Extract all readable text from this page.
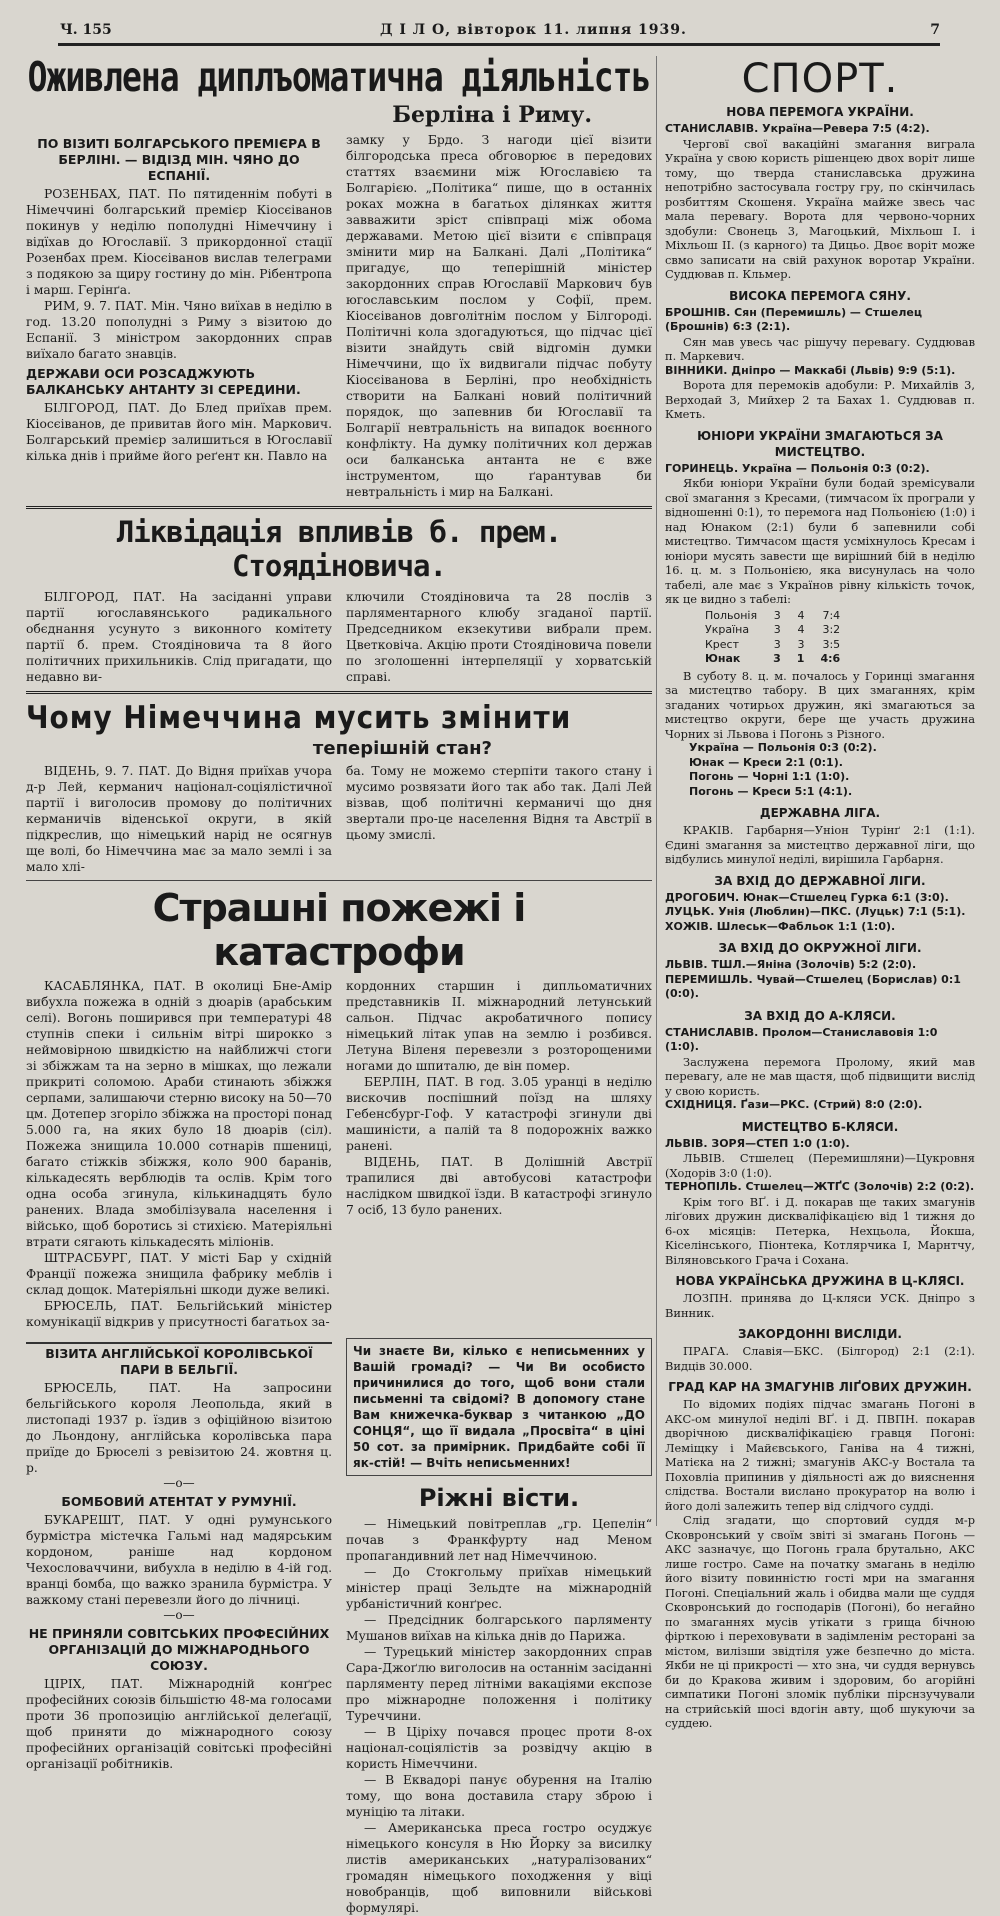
Ч. 155	Д І Л О, вівторок 11. липня 1939.	7
Оживлена диплъоматична діяльність
Берліна і Риму.
ПО ВІЗИТІ БОЛГАРСЬКОГО ПРЕМІЄРА В БЕРЛІНІ. — ВІДІЗД МІН. ЧЯНО ДО ЕСПАНІЇ.

РОЗЕНБАХ, ПАТ. По пятиденнім побуті в Німеччині болгарський премієр Кіосєіванов покинув у неділю пополудні Німеччину і відїхав до Югославії. З прикордонної стації Розенбах прем. Кіосєіванов вислав телеграми з подякою за щиру гостину до мін. Рібентропа і марш. Герінґа.

РИМ, 9. 7. ПАТ. Мін. Чяно виїхав в неділю в год. 13.20 пополудні з Риму з візитою до Еспанії. З міністром закордонних справ виїхало багато знавців.

ДЕРЖАВИ ОСИ РОЗСАДЖУЮТЬ БАЛКАНСЬКУ АНТАНТУ ЗІ СЕРЕДИНИ.

БІЛГОРОД, ПАТ. До Блед приїхав прем. Кіосєіванов, де привитав його мін. Маркович. Болгарський премієр залишиться в Югославії кілька днів і прийме його реґент кн. Павло на

замку у Брдо. З нагоди цієї візити білгородська преса обговорює в передових статтях взаємини між Югославією та Болгарією. „Політика“ пише, що в останніх роках можна в багатьох ділянках життя завважити зріст співпраці між обома державами. Метою цієї візити є співпраця змінити мир на Балкані. Далі „Політика“ пригадує, що теперішній міністер закордонних справ Югославії Маркович був югославським послом у Софії, прем. Кіосєіванов довголітнім послом у Білгороді. Політичні кола здогадуються, що підчас цієї візити знайдуть свій відгомін думки Німеччини, що їх видвигали підчас побуту Кіосєіванова в Берліні, про необхідність створити на Балкані новий політичний порядок, що запевнив би Югославії та Болгарії невтральність на випадок воєнного конфлікту. На думку політичних кол держав оси балканська антанта не є вже інструментом, що ґарантував би невтральність і мир на Балкані.

Ліквідація впливів б. прем. Стоядіновича.

БІЛГОРОД, ПАТ. На засіданні управи партії югославянського радикального обєднання усунуто з виконного комітету партії б. прем. Стоядіновича та 8 його політичних прихильників. Слід пригадати, що недавно ви-

ключили Стоядіновича та 28 послів з парляментарного клюбу згаданої партії. Председником екзекутиви вибрали прем. Цветковіча. Акцію проти Стоядіновича повели по зголошенні інтерпеляції у хорватській справі.

Чому Німеччина мусить змінити
теперішній стан?

ВІДЕНЬ, 9. 7. ПАТ. До Відня приїхав учора д-р Лей, керманич націонал-соціялістичної партії і виголосив промову до політичних керманичів віденської округи, в якій підкреслив, що німецький нарід не осягнув ще волі, бо Німеччина має за мало землі і за мало хлі-

ба. Тому не можемо стерпіти такого стану і мусимо розвязати його так або так. Далі Лей візвав, щоб політичні керманичі що дня звертали про-це населення Відня та Австрії в цьому змислі.

Страшні пожежі і катастрофи

КАСАБЛЯНКА, ПАТ. В околиці Бне-Амір вибухла пожежа в одній з дюарів (арабським селі). Вогонь поширився при температурі 48 ступнів спеки і сильнім вітрі широкко з неймовірною швидкістю на найближчі стоги зі збіжжам та на зерно в мішках, що лежали прикриті соломою. Араби стинають збіжжя серпами, залишаючи стерню високу на 50—70 цм. Дотепер згоріло збіжжа на просторі понад 5.000 га, на яких було 18 дюарів (сіл). Пожежа знищила 10.000 сотнарів пшениці, багато стіжків збіжжя, коло 900 баранів, кількадесять верблюдів та ослів. Крім того одна особа згинула, кількинадцять було ранених. Влада змобілізувала населення і військо, щоб боротись зі стихією. Матеріяльні втрати сягають кількадесять міліонів.

ШТРАСБУРГ, ПАТ. У місті Бар у східній Франції пожежа знищила фабрику меблів і склад дощок. Матеріяльні шкоди дуже великі.

БРЮСЕЛЬ, ПАТ. Бельгійський міністер комунікації відкрив у присутності багатьох за-

кордонних старшин і дипльоматичних представників II. міжнародний летунський сальон. Підчас акробатичного попису німецький літак упав на землю і розбився. Летуна Віленя перевезли з розторощеними ногами до шпиталю, де він помер.

БЕРЛІН, ПАТ. В год. 3.05 уранці в неділю вискочив поспішний поїзд на шляху Гебенсбург-Гоф. У катастрофі згинули дві машиністи, а палій та 8 подорожніх важко ранені.

ВІДЕНЬ, ПАТ. В Долішній Австрії трапилися дві автобусові катастрофи наслідком швидкої їзди. В катастрофі згинуло 7 осіб, 13 було ранених.

ВІЗИТА АНГЛІЙСЬКОЇ КОРОЛІВСЬКОЇ ПАРИ В БЕЛЬГІЇ.

БРЮСЕЛЬ, ПАТ. На запросини бельгійського короля Леопольда, який в листопаді 1937 р. їздив з офіційною візитою до Льондону, англійська королівська пара приїде до Брюселі з ревізитою 24. жовтня ц. р.

—о—
БОМБОВИЙ АТЕНТАТ У РУМУНІЇ.

БУКАРЕШТ, ПАТ. У одні румунського бурмістра містечка Гальмі над мадярським кордоном, раніше над кордоном Чехословаччини, вибухла в неділю в 4-ій год. вранці бомба, що важко зранила бурмістра. У важкому стані перевезли його до лічниці.

—о—
НЕ ПРИНЯЛИ СОВІТСЬКИХ ПРОФЕСІЙНИХ ОРГАНІЗАЦІЙ ДО МІЖНАРОДНЬОГО СОЮЗУ.

ЦІРІХ, ПАТ. Міжнародній конґрес професійних союзів більшістю 48-ма голосами проти 36 пропозицію англійської делеґації, щоб приняти до міжнародного союзу професійних організацій совітські професійні організації робітників.

Чи знаєте Ви, кілько є неписьменних у Вашій громаді? — Чи Ви особисто причинилися до того, щоб вони стали письменні та свідомі? В допомогу стане Вам книжечка-буквар з читанкою „ДО СОНЦЯ“, що її видала „Просвіта“ в ціні 50 сот. за примірник. Придбайте собі її як-стій! — Вчіть неписьменних!
Ріжні вісти.

— Німецький повітреплав „гр. Цепелін“ почав з Франкфурту над Меном пропагандивний лет над Німеччиною.

— До Стокгольму приїхав німецький міністер праці Зельдте на міжнародній урбаністичний конґрес.

— Предсідник болгарського парляменту Мушанов виїхав на кілька днів до Парижа.

— Турецький міністер закордонних справ Сара-Джоґлю виголосив на останнім засіданні парляменту перед літніми вакаціями експозе про міжнародне положення і політику Туреччини.

— В Ціріху почався процес проти 8-ох націонал-соціялістів за розвідчу акцію в користь Німеччини.

— В Еквадорі панує обурення на Італію тому, що вона доставила стару зброю і муніцію та літаки.

— Американська преса гостро осуджує німецького консуля в Ню Йорку за висилку листів американських „натуралізованих“ громадян німецького походження у віці новобранців, щоб виповнили військові формулярі.

СПОРТ.
НОВА ПЕРЕМОГА УКРАЇНИ.
СТАНИСЛАВІВ. Україна—Ревера 7:5 (4:2).

Черговї свої вакаційні змагання виграла Україна у свою користь рішенцею двох воріт лише тому, що тверда станиславська дружина непотрібно застосувала гостру гру, по скінчилась розбиттям Скошеня. Україна майже звесь час мала перевагу. Ворота для червоно-чорних здобули: Свонець 3, Магоцький, Міхльош І. і Міхльош ІІ. (з карного) та Дицьо. Двоє воріт може свмо записати на свій рахунок воротар України. Суддював п. Кльмер.

ВИСОКА ПЕРЕМОГА СЯНУ.
БРОШНІВ. Сян (Перемишль) — Стшелец (Брошнів) 6:3 (2:1).

Сян мав увесь час рішучу перевагу. Суддював п. Маркевич.

ВІННИКИ. Дніпро — Маккабі (Львів) 9:9 (5:1).

Ворота для перемоків адобули: Р. Михайлів 3, Верходай 3, Мийхер 2 та Бахах 1. Суддював п. Кметь.

ЮНІОРИ УКРАЇНИ ЗМАГАЮТЬСЯ ЗА МИСТЕЦТВО.
ГОРИНЕЦЬ. Україна — Польонія 0:3 (0:2).

Якби юніори України були бодай зремісували свої змагання з Кресами, (тимчасом їх програли у відношенні 0:1), то перемога над Польонією (1:0) і над Юнаком (2:1) були б запевнили собі мистецтво. Тимчасом щастя усміхнулось Кресам і юніори мусять завести ще вирішний бій в неділю 16. ц. м. з Польонією, яка висунулась на чоло табелі, але має з Українов рівну кількість точок, як це видно з табелі:

Польонія	3	4	7:4
Україна	3	4	3:2
Крест	3	3	3:5
Юнак	3	1	4:6

В суботу 8. ц. м. почалось у Горинці змагання за мистецтво табору. В цих змаганнях, крім згаданих чотирьох дружин, які змагаються за мистецтво округи, бере ще участь дружина Чорних зі Львова і Погонь з Різного.

Україна — Польонія 0:3 (0:2).
Юнак — Креси 2:1 (0:1).
Погонь — Чорні 1:1 (1:0).
Погонь — Креси 5:1 (4:1).
ДЕРЖАВНА ЛІГА.

КРАКІВ. Гарбарня—Уніон Турінґ 2:1 (1:1). Єдині змагання за мистецтво державної ліги, що відбулись минулої неділі, вирішила Гарбарня.

ЗА ВХІД ДО ДЕРЖАВНОЇ ЛІГИ.
ДРОГОБИЧ. Юнак—Стшелец Гурка 6:1 (3:0).
ЛУЦЬК. Унія (Люблин)—ПКС. (Луцьк) 7:1 (5:1).
ХОЖІВ. Шлеськ—Фабльок 1:1 (1:0).
ЗА ВХІД ДО ОКРУЖНОЇ ЛІГИ.
ЛЬВІВ. ТШЛ.—Яніна (Золочів) 5:2 (2:0).
ПЕРЕМИШЛЬ. Чувай—Стшелец (Борислав) 0:1 (0:0).
ЗА ВХІД ДО А-КЛЯСИ.
СТАНИСЛАВІВ. Пролом—Станиславовія 1:0 (1:0).

Заслужена перемога Пролому, який мав перевагу, але не мав щастя, щоб підвищити вислід у свою користь.

СХІДНИЦЯ. Ґази—РКС. (Стрий) 8:0 (2:0).
МИСТЕЦТВО Б-КЛЯСИ.
ЛЬВІВ. ЗОРЯ—СТЕП 1:0 (1:0).

ЛЬВІВ. Стшелец (Перемишляни)—Цукровня (Ходорів 3:0 (1:0).

ТЕРНОПІЛЬ. Стшелец—ЖТҐС (Золочів) 2:2 (0:2).

Крім того ВҐ. і Д. покарав ще таких змагунів ліґових дружин дискваліфікацією від 1 тижня до 6-ох місяців: Петерка, Нехцьола, Йокша, Кіселінського, Піонтека, Котлярчика І, Марнтчу, Віляновського Грача і Сохана.

НОВА УКРАЇНСЬКА ДРУЖИНА В Ц-КЛЯСІ.

ЛОЗПН. принява до Ц-кляси УСК. Дніпро з Винник.

ЗАКОРДОННІ ВИСЛІДИ.

ПРАГА. Славія—БКС. (Білгород) 2:1 (2:1). Видців 30.000.

ГРАД КАР НА ЗМАГУНІВ ЛІҐОВИХ ДРУЖИН.

По відомих подіях підчас змагань Погоні в АКС-ом минулої неділі ВҐ. і Д. ПВПН. покарав дворічною дискваліфікацією гравця Погоні: Леміщку і Майєвського, Ганіва на 4 тижні, Матієка на 2 тижні; змагунів АКС-у Востала та Поховліа припинив у діяльності аж до вияснення слідства. Востали вислано прокуратор на волю і його долі залежить тепер від слідчого судді.

Слід згадати, що спортовий суддя м-р Сковронський у своїм звіті зі змагань Погонь — АКС зазначує, що Погонь грала брутально, АКС лише гостро. Саме на початку змагань в неділю його візиту повинністю гості мри на змагання Погоні. Спеціальний жаль і обидва мали ще суддя Сковронський до господарів (Погоні), бо негайно по змаганнях мусів утікати з грища бічною фірткою і переховувати в задімленім ресторані за містом, вилізши звідтіля уже безпечно до міста. Якби не ці прикрості — хто зна, чи суддя вернувсь би до Кракова живим і здоровим, бо агорійні симпатики Погоні зломік публіки пірснзучували на стрийській шосі вдогін авту, щоб шукуючи за суддею.
